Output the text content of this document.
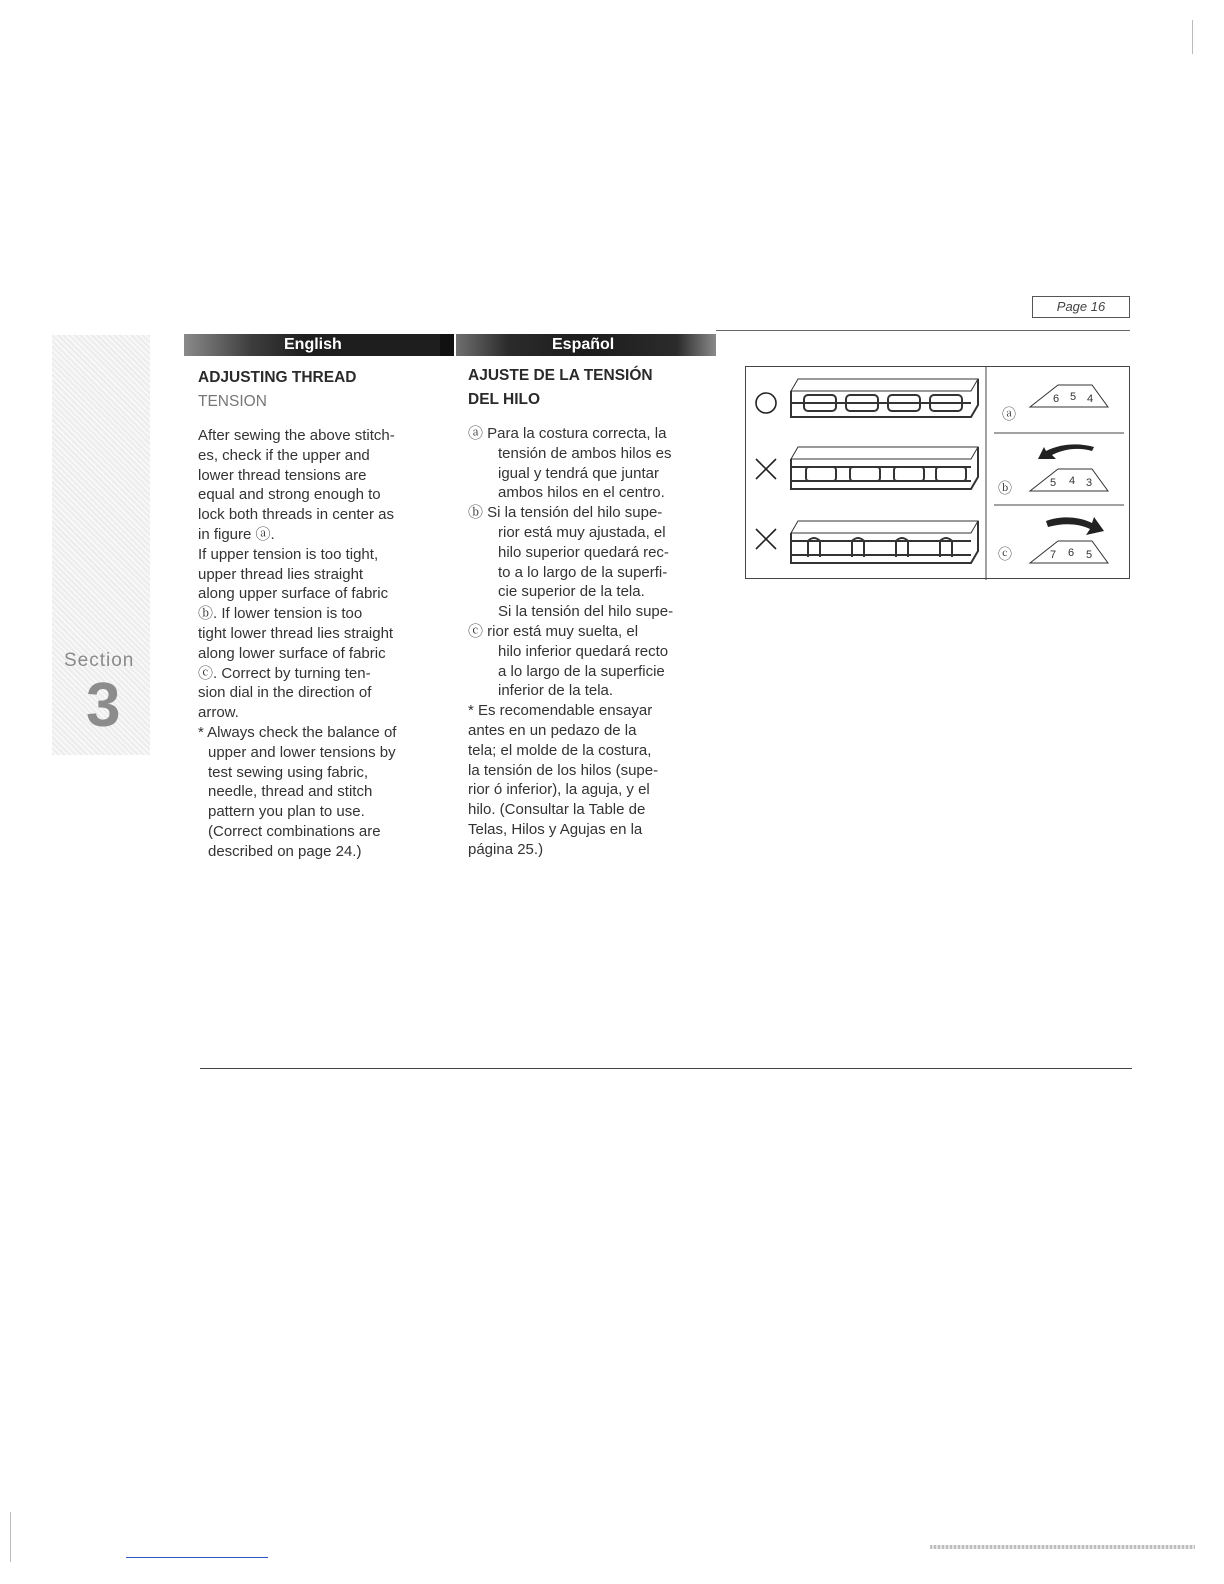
Page 16
Section
3
English	Español
ADJUSTING THREAD
TENSION

After sewing the above stitch-

es, check if the upper and

lower thread tensions are

equal and strong enough to

lock both threads in center as

in figure ⓐ.

If upper tension is too tight,

upper thread lies straight

along upper surface of fabric

ⓑ. If lower tension is too

tight lower thread lies straight

along lower surface of fabric

ⓒ. Correct by turning ten-

sion dial in the direction of

arrow.

* Always check the balance of

upper and lower tensions by

test sewing using fabric,

needle, thread and stitch

pattern you plan to use.

(Correct combinations are

described on page 24.)

AJUSTE DE LA TENSIÓN
DEL HILO

ⓐ Para la costura correcta, la

tensión de ambos hilos es

igual y tendrá que juntar

ambos hilos en el centro.

ⓑ Si la tensión del hilo supe-

rior está muy ajustada, el

hilo superior quedará rec-

to a lo largo de la superfi-

cie superior de la tela.

Si la tensión del hilo supe-

ⓒ rior está muy suelta, el

hilo inferior quedará recto

a lo largo de la superficie

inferior de la tela.

* Es recomendable ensayar

antes en un pedazo de la

tela; el molde de la costura,

la tensión de los hilos (supe-

rior ó inferior), la aguja, y el

hilo. (Consultar la Table de

Telas, Hilos y Agujas en la

página 25.)

ⓐ
6 5 4
ⓑ	5 4 3
ⓒ	7 6 5
